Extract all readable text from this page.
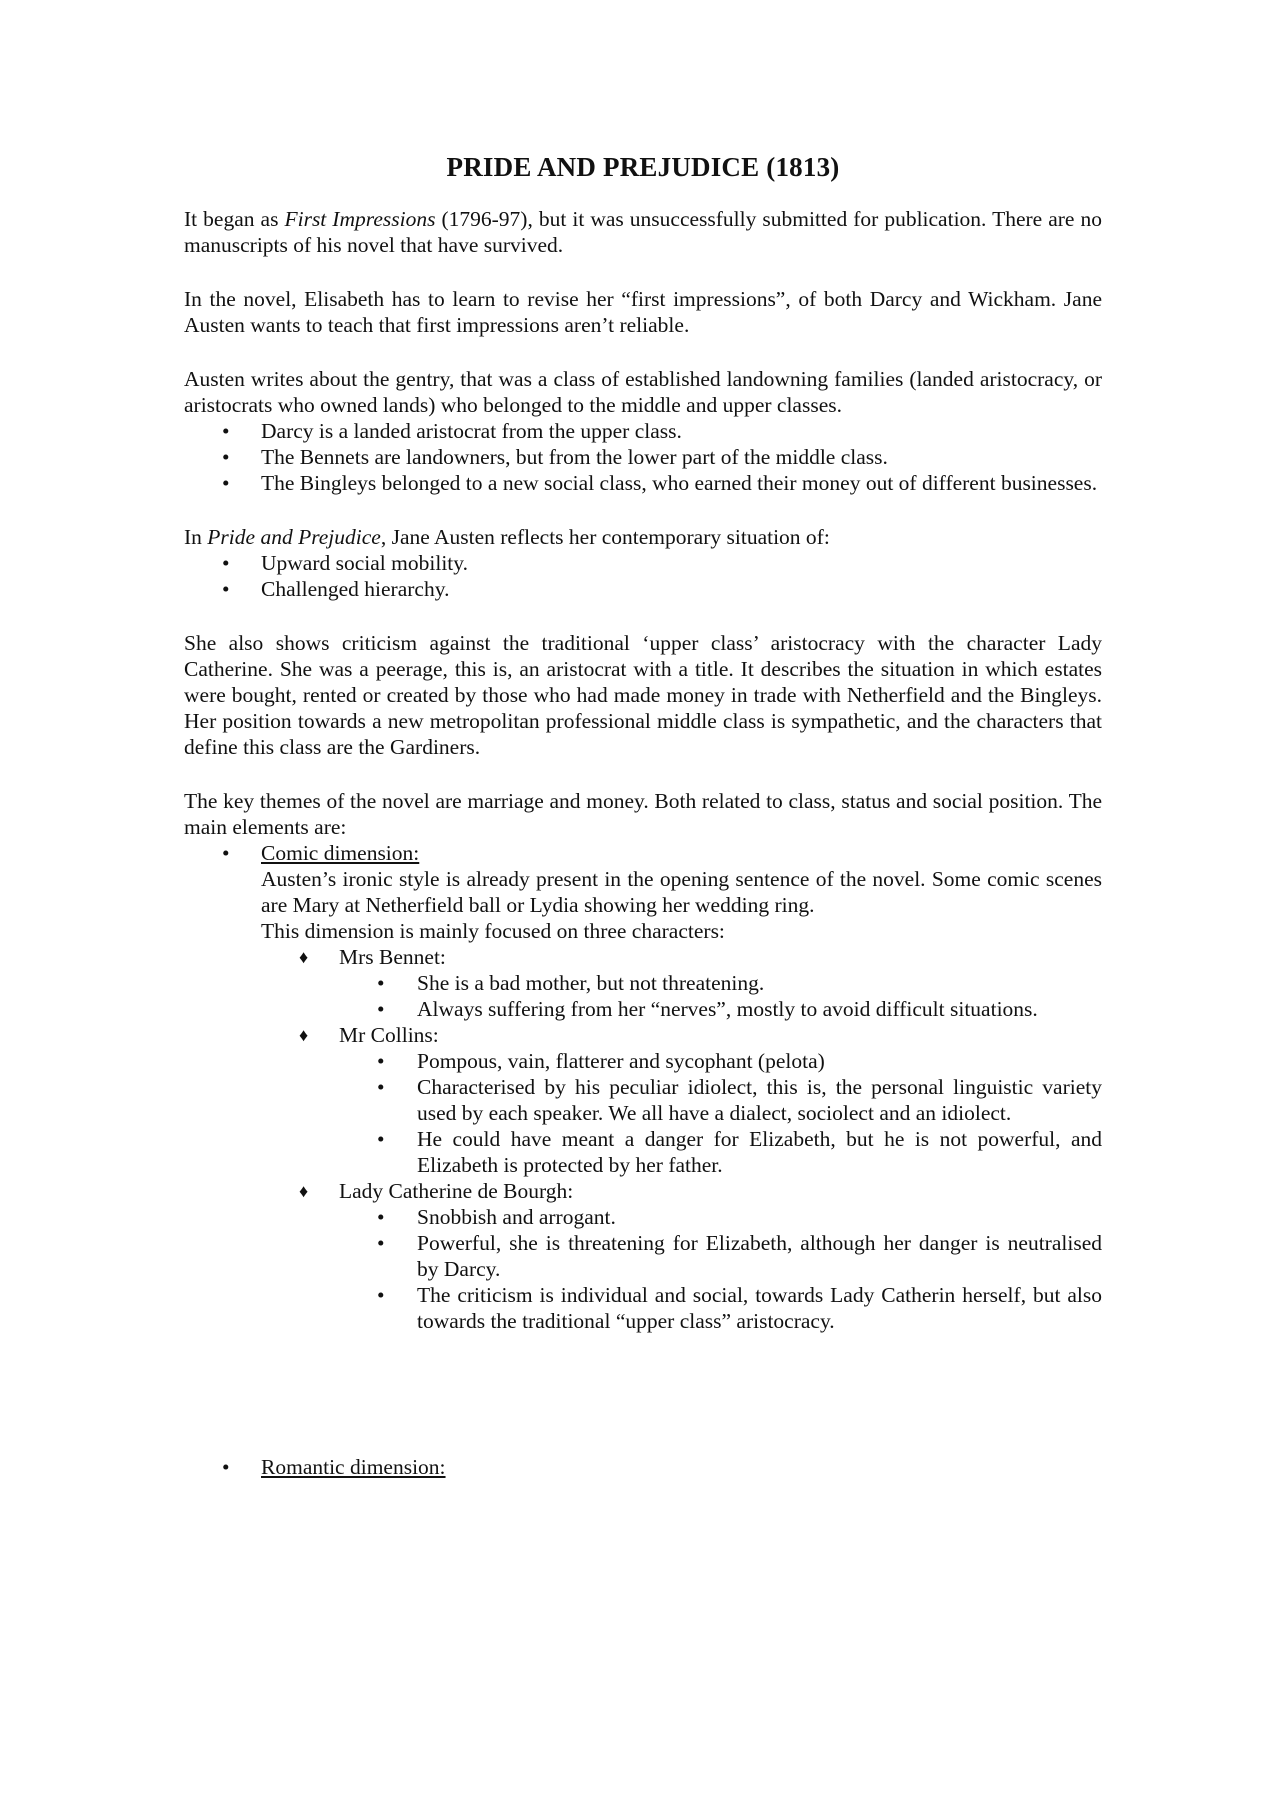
PRIDE AND PREJUDICE (1813)

It began as First Impressions (1796-97), but it was unsuccessfully submitted for publication. There are no manuscripts of his novel that have survived.

In the novel, Elisabeth has to learn to revise her “first impressions”, of both Darcy and Wickham. Jane Austen wants to teach that first impressions aren’t reliable.

Austen writes about the gentry, that was a class of established landowning families (landed aristocracy, or aristocrats who owned lands) who belonged to the middle and upper classes.

• Darcy is a landed aristocrat from the upper class.
• The Bennets are landowners, but from the lower part of the middle class.
• The Bingleys belonged to a new social class, who earned their money out of different businesses.

In Pride and Prejudice, Jane Austen reflects her contemporary situation of:

• Upward social mobility.
• Challenged hierarchy.

She also shows criticism against the traditional ‘upper class’ aristocracy with the character Lady Catherine. She was a peerage, this is, an aristocrat with a title. It describes the situation in which estates were bought, rented or created by those who had made money in trade with Netherfield and the Bingleys. Her position towards a new metropolitan professional middle class is sympathetic, and the characters that define this class are the Gardiners.

The key themes of the novel are marriage and money. Both related to class, status and social position. The main elements are:

• Comic dimension:
Austen’s ironic style is already present in the opening sentence of the novel. Some comic scenes are Mary at Netherfield ball or Lydia showing her wedding ring.
This dimension is mainly focused on three characters:
♦ Mrs Bennet:
• She is a bad mother, but not threatening.
• Always suffering from her “nerves”, mostly to avoid difficult situations.
♦ Mr Collins:
• Pompous, vain, flatterer and sycophant (pelota)
• Characterised by his peculiar idiolect, this is, the personal linguistic variety used by each speaker. We all have a dialect, sociolect and an idiolect.
• He could have meant a danger for Elizabeth, but he is not powerful, and Elizabeth is protected by her father.
♦ Lady Catherine de Bourgh:
• Snobbish and arrogant.
• Powerful, she is threatening for Elizabeth, although her danger is neutralised by Darcy.
• The criticism is individual and social, towards Lady Catherin herself, but also towards the traditional “upper class” aristocracy.
• Romantic dimension:
